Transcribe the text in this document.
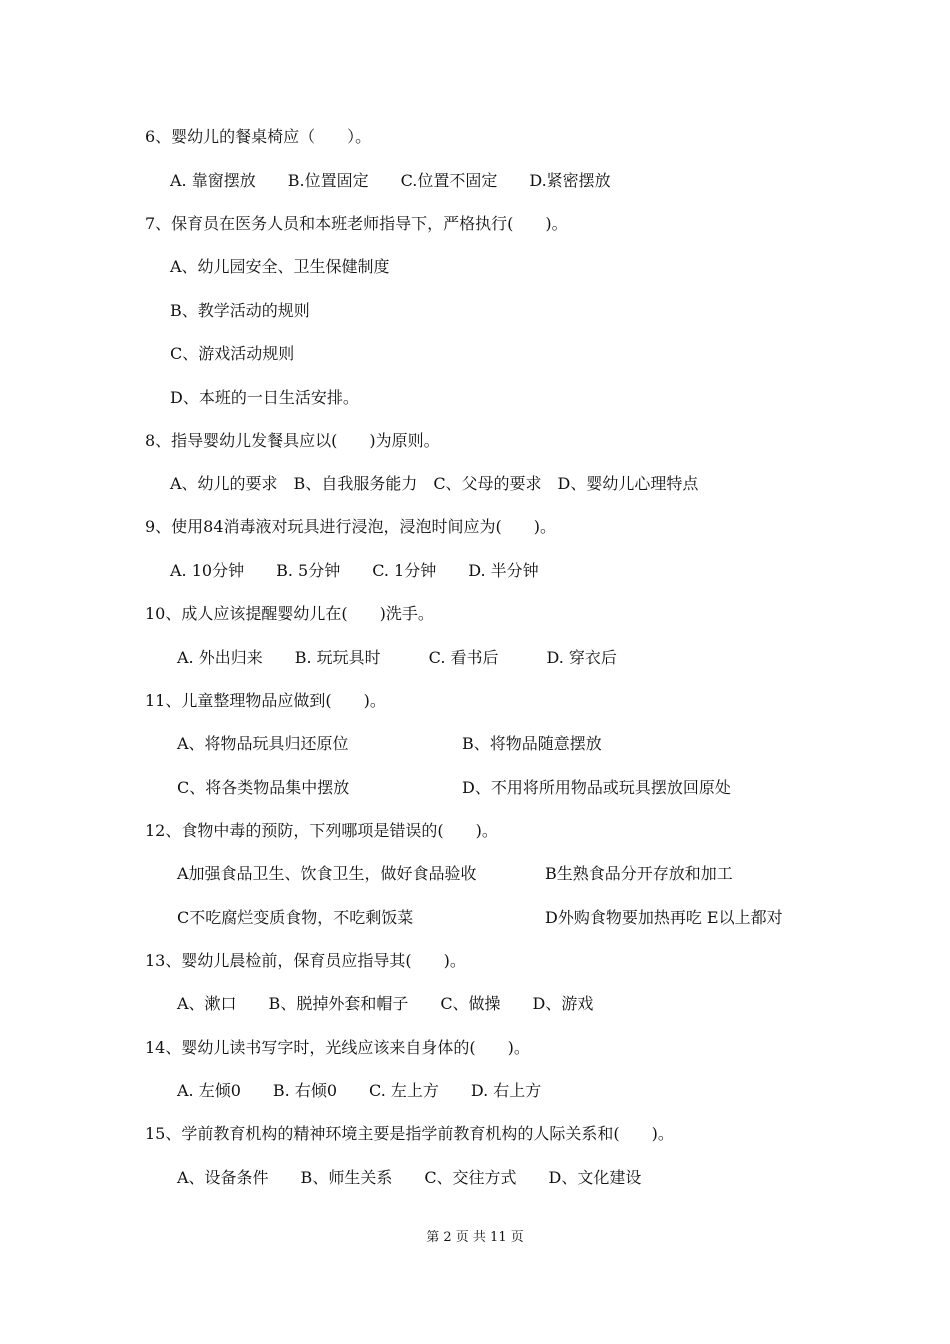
6、婴幼儿的餐桌椅应（　　）。
A. 靠窗摆放　　B.位置固定　　C.位置不固定　　D.紧密摆放
7、保育员在医务人员和本班老师指导下，严格执行(　　)。
A、幼儿园安全、卫生保健制度
B、教学活动的规则
C、游戏活动规则
D、本班的一日生活安排。
8、指导婴幼儿发餐具应以(　　)为原则。
A、幼儿的要求　B、自我服务能力　C、父母的要求　D、婴幼儿心理特点
9、使用84消毒液对玩具进行浸泡，浸泡时间应为(　　)。
A. 10分钟　　B. 5分钟　　C. 1分钟　　D. 半分钟
10、成人应该提醒婴幼儿在(　　)洗手。
A. 外出归来　　B. 玩玩具时　　　C. 看书后　　　D. 穿衣后
11、儿童整理物品应做到(　　)。
A、将物品玩具归还原位	B、将物品随意摆放
C、将各类物品集中摆放	D、不用将所用物品或玩具摆放回原处
12、食物中毒的预防，下列哪项是错误的(　　)。
A加强食品卫生、饮食卫生，做好食品验收	B生熟食品分开存放和加工
C不吃腐烂变质食物，不吃剩饭菜	D外购食物要加热再吃 E以上都对
13、婴幼儿晨检前，保育员应指导其(　　)。
A、漱口　　B、脱掉外套和帽子　　C、做操　　D、游戏
14、婴幼儿读书写字时，光线应该来自身体的(　　)。
A. 左倾0　　B. 右倾0　　C. 左上方　　D. 右上方
15、学前教育机构的精神环境主要是指学前教育机构的人际关系和(　　)。
A、设备条件　　B、师生关系　　C、交往方式　　D、文化建设
第 2 页 共 11 页
